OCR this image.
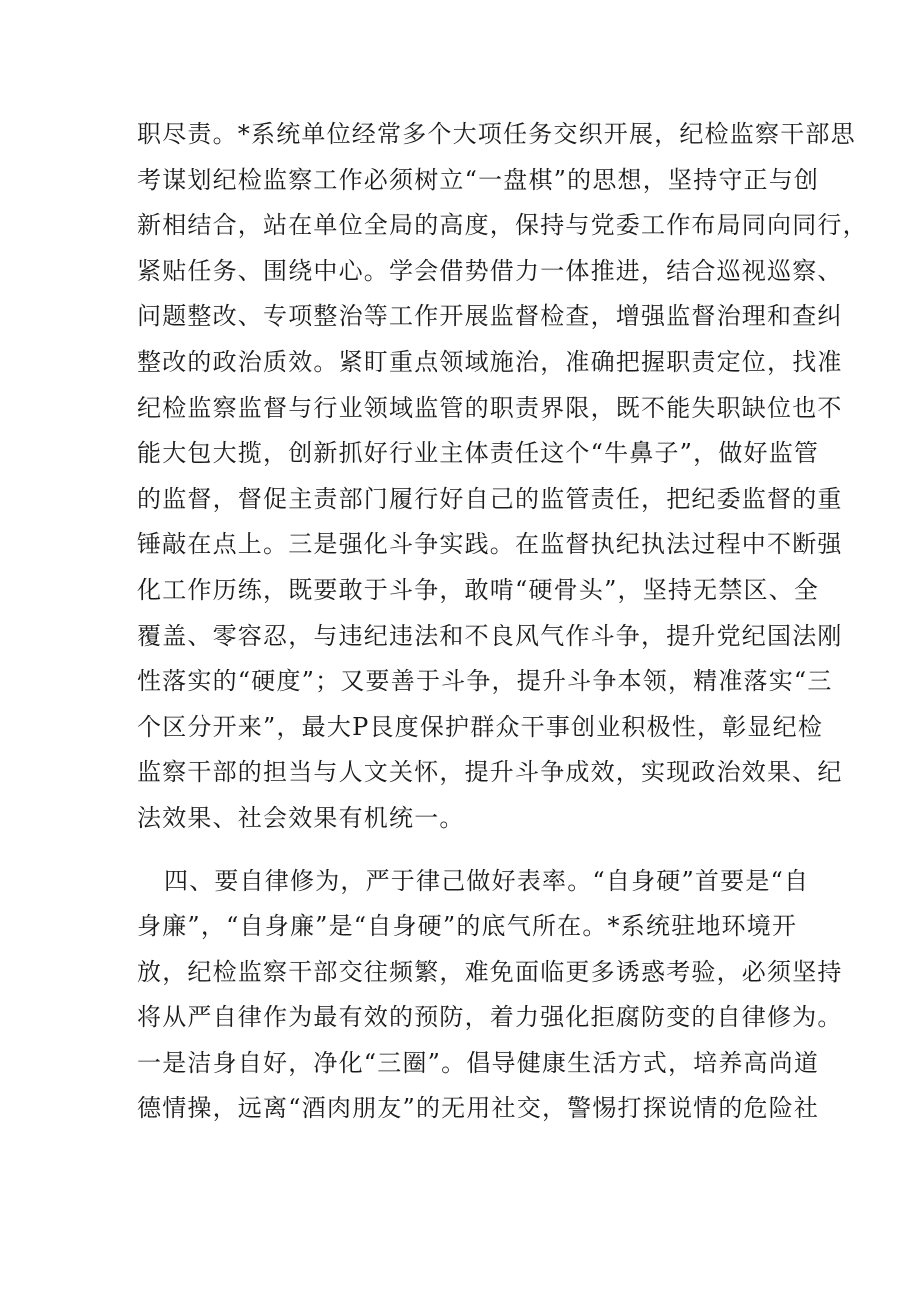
职尽责。*系统单位经常多个大项任务交织开展，纪检监察干部思
考谋划纪检监察工作必须树立“一盘棋”的思想，坚持守正与创
新相结合，站在单位全局的高度，保持与党委工作布局同向同行，
紧贴任务、围绕中心。学会借势借力一体推进，结合巡视巡察、
问题整改、专项整治等工作开展监督检查，增强监督治理和查纠
整改的政治质效。紧盯重点领域施治，准确把握职责定位，找准
纪检监察监督与行业领域监管的职责界限，既不能失职缺位也不
能大包大揽，创新抓好行业主体责任这个“牛鼻子”，做好监管
的监督，督促主责部门履行好自己的监管责任，把纪委监督的重
锤敲在点上。三是强化斗争实践。在监督执纪执法过程中不断强
化工作历练，既要敢于斗争，敢啃“硬骨头”，坚持无禁区、全
覆盖、零容忍，与违纪违法和不良风气作斗争，提升党纪国法刚
性落实的“硬度”；又要善于斗争，提升斗争本领，精准落实“三
个区分开来”，最大P艮度保护群众干事创业积极性，彰显纪检
监察干部的担当与人文关怀，提升斗争成效，实现政治效果、纪
法效果、社会效果有机统一。
四、要自律修为，严于律己做好表率。“自身硬”首要是“自
身廉”，“自身廉”是“自身硬”的底气所在。*系统驻地环境开
放，纪检监察干部交往频繁，难免面临更多诱惑考验，必须坚持
将从严自律作为最有效的预防，着力强化拒腐防变的自律修为。
一是洁身自好，净化“三圈”。倡导健康生活方式，培养高尚道
德情操，远离“酒肉朋友”的无用社交，警惕打探说情的危险社
